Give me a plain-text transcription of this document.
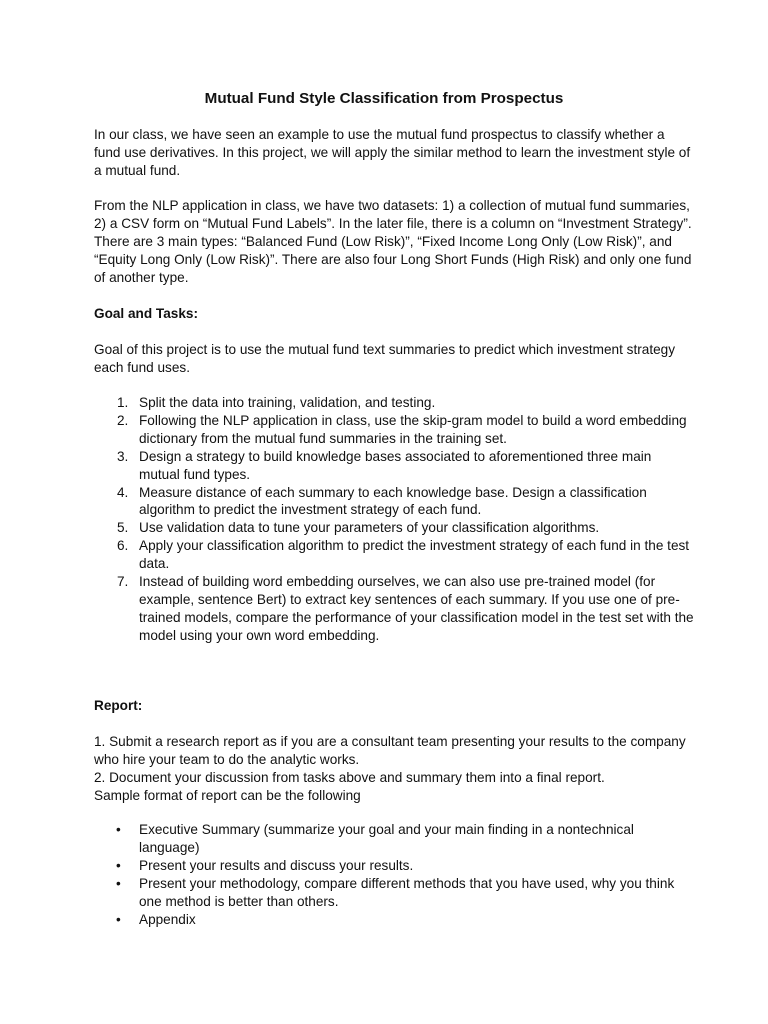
Mutual Fund Style Classification from Prospectus

In our class, we have seen an example to use the mutual fund prospectus to classify whether a fund use derivatives. In this project, we will apply the similar method to learn the investment style of a mutual fund.

From the NLP application in class, we have two datasets: 1) a collection of mutual fund summaries, 2) a CSV form on “Mutual Fund Labels”. In the later file, there is a column on “Investment Strategy”. There are 3 main types: “Balanced Fund (Low Risk)”, “Fixed Income Long Only (Low Risk)”, and “Equity Long Only (Low Risk)”. There are also four Long Short Funds (High Risk) and only one fund of another type.

Goal and Tasks:

Goal of this project is to use the mutual fund text summaries to predict which investment strategy each fund uses.

1. Split the data into training, validation, and testing.
2. Following the NLP application in class, use the skip-gram model to build a word embedding dictionary from the mutual fund summaries in the training set.
3. Design a strategy to build knowledge bases associated to aforementioned three main mutual fund types.
4. Measure distance of each summary to each knowledge base. Design a classification algorithm to predict the investment strategy of each fund.
5. Use validation data to tune your parameters of your classification algorithms.
6. Apply your classification algorithm to predict the investment strategy of each fund in the test data.
7. Instead of building word embedding ourselves, we can also use pre-trained model (for example, sentence Bert) to extract key sentences of each summary. If you use one of pre-trained models, compare the performance of your classification model in the test set with the model using your own word embedding.

Report:

1. Submit a research report as if you are a consultant team presenting your results to the company who hire your team to do the analytic works.
2. Document your discussion from tasks above and summary them into a final report.
Sample format of report can be the following
• Executive Summary (summarize your goal and your main finding in a nontechnical language)
• Present your results and discuss your results.
• Present your methodology, compare different methods that you have used, why you think one method is better than others.
• Appendix
